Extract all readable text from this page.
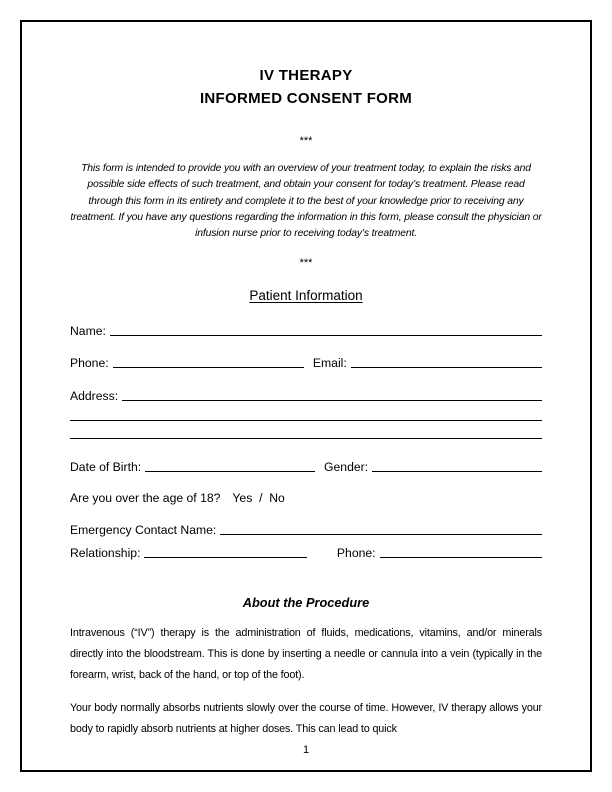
IV THERAPY
INFORMED CONSENT FORM
***
This form is intended to provide you with an overview of your treatment today, to explain the risks and possible side effects of such treatment, and obtain your consent for today’s treatment. Please read through this form in its entirety and complete it to the best of your knowledge prior to receiving any treatment. If you have any questions regarding the information in this form, please consult the physician or infusion nurse prior to receiving today’s treatment.
***
Patient Information
Name:
Phone:	Email:
Address:
Date of Birth:	Gender:
Are you over the age of 18? Yes  /  No
Emergency Contact Name:
Relationship:	Phone:
About the Procedure

Intravenous (“IV”) therapy is the administration of fluids, medications, vitamins, and/or minerals directly into the bloodstream. This is done by inserting a needle or cannula into a vein (typically in the forearm, wrist, back of the hand, or top of the foot).

Your body normally absorbs nutrients slowly over the course of time. However, IV therapy allows your body to rapidly absorb nutrients at higher doses. This can lead to quick

1
